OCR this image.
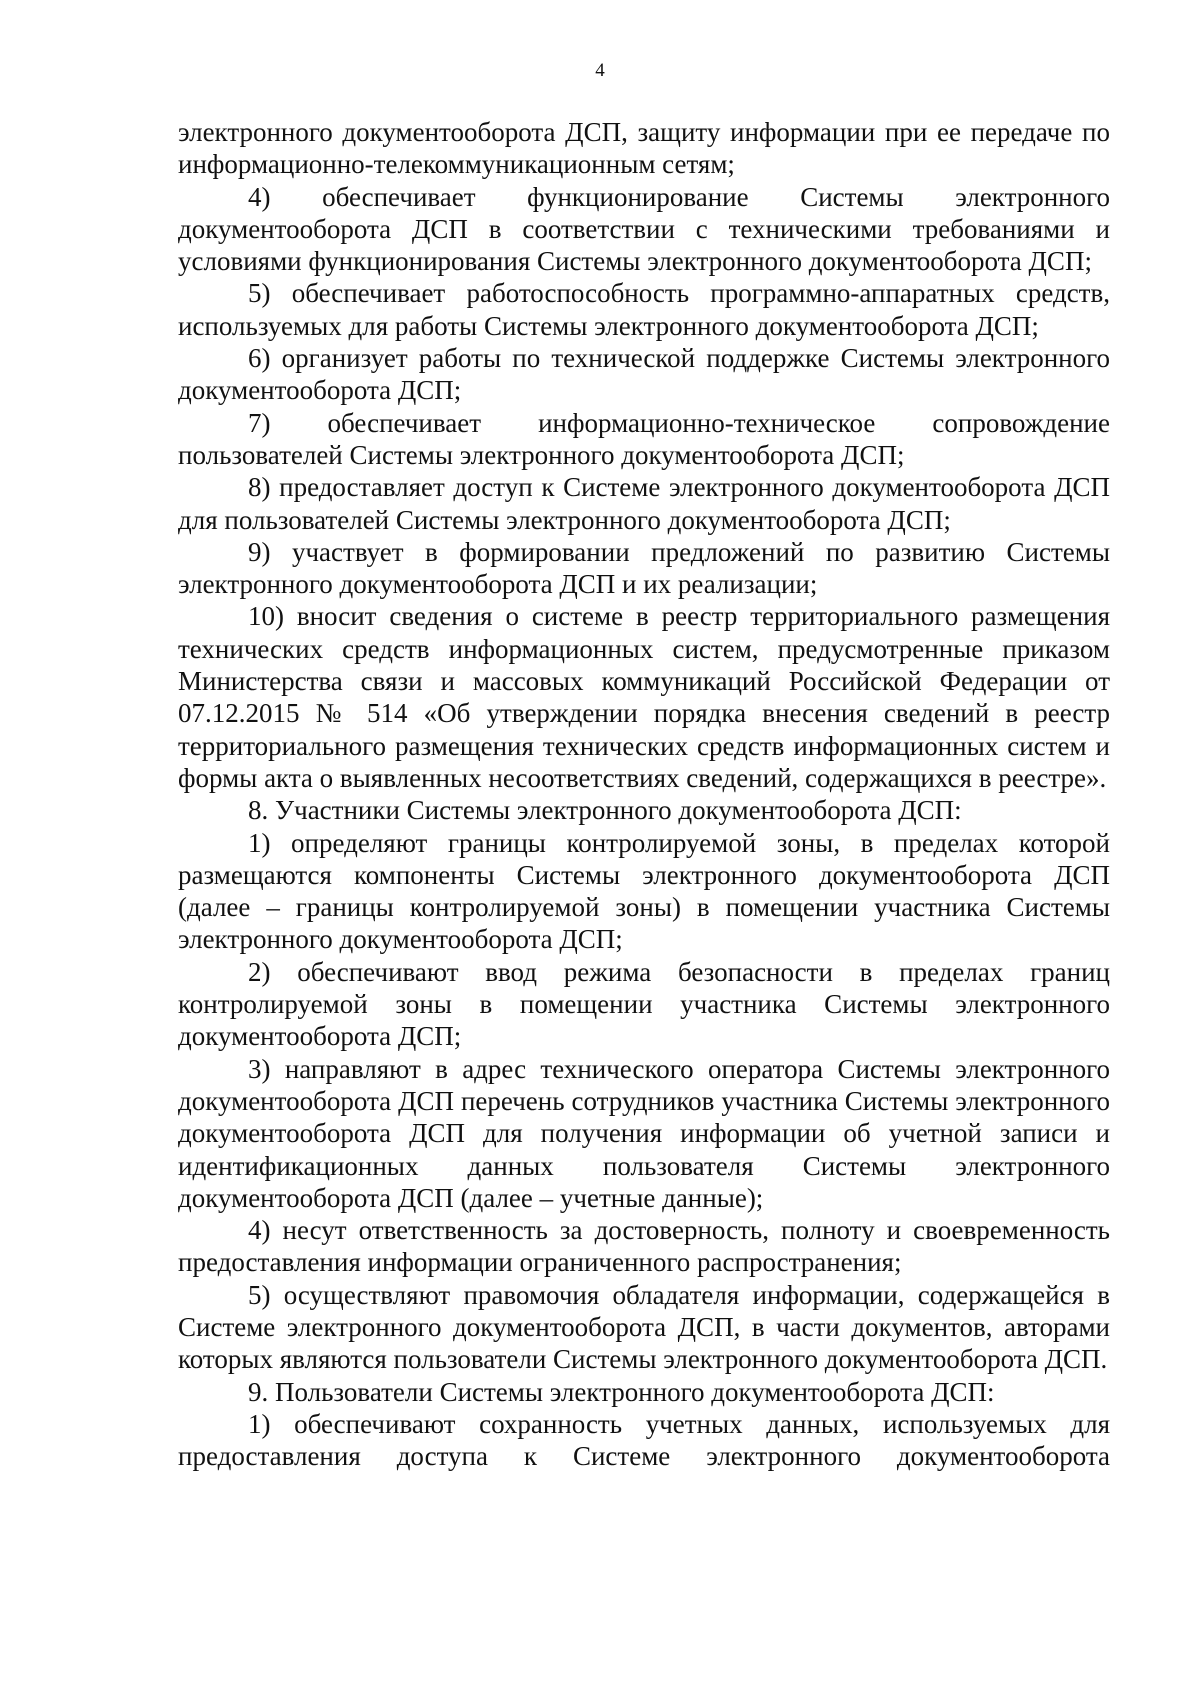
4

электронного документооборота ДСП, защиту информации при ее передаче по информационно-телекоммуникационным сетям;

4) обеспечивает функционирование Системы электронного документооборота ДСП в соответствии с техническими требованиями и условиями функционирования Системы электронного документооборота ДСП;

5) обеспечивает работоспособность программно-аппаратных средств, используемых для работы Системы электронного документооборота ДСП;

6) организует работы по технической поддержке Системы электронного документооборота ДСП;

7) обеспечивает информационно-техническое сопровождение пользователей Системы электронного документооборота ДСП;

8) предоставляет доступ к Системе электронного документооборота ДСП для пользователей Системы электронного документооборота ДСП;

9) участвует в формировании предложений по развитию Системы электронного документооборота ДСП и их реализации;

10) вносит сведения о системе в реестр территориального размещения технических средств информационных систем, предусмотренные приказом Министерства связи и массовых коммуникаций Российской Федерации от 07.12.2015 № 514 «Об утверждении порядка внесения сведений в реестр территориального размещения технических средств информационных систем и формы акта о выявленных несоответствиях сведений, содержащихся в реестре».

8. Участники Системы электронного документооборота ДСП:

1) определяют границы контролируемой зоны, в пределах которой размещаются компоненты Системы электронного документооборота ДСП (далее – границы контролируемой зоны) в помещении участника Системы электронного документооборота ДСП;

2) обеспечивают ввод режима безопасности в пределах границ контролируемой зоны в помещении участника Системы электронного документооборота ДСП;

3) направляют в адрес технического оператора Системы электронного документооборота ДСП перечень сотрудников участника Системы электронного документооборота ДСП для получения информации об учетной записи и идентификационных данных пользователя Системы электронного документооборота ДСП (далее – учетные данные);

4) несут ответственность за достоверность, полноту и своевременность предоставления информации ограниченного распространения;

5) осуществляют правомочия обладателя информации, содержащейся в Системе электронного документооборота ДСП, в части документов, авторами которых являются пользователи Системы электронного документооборота ДСП.

9. Пользователи Системы электронного документооборота ДСП:

1) обеспечивают сохранность учетных данных, используемых для предоставления доступа к Системе электронного документооборота
